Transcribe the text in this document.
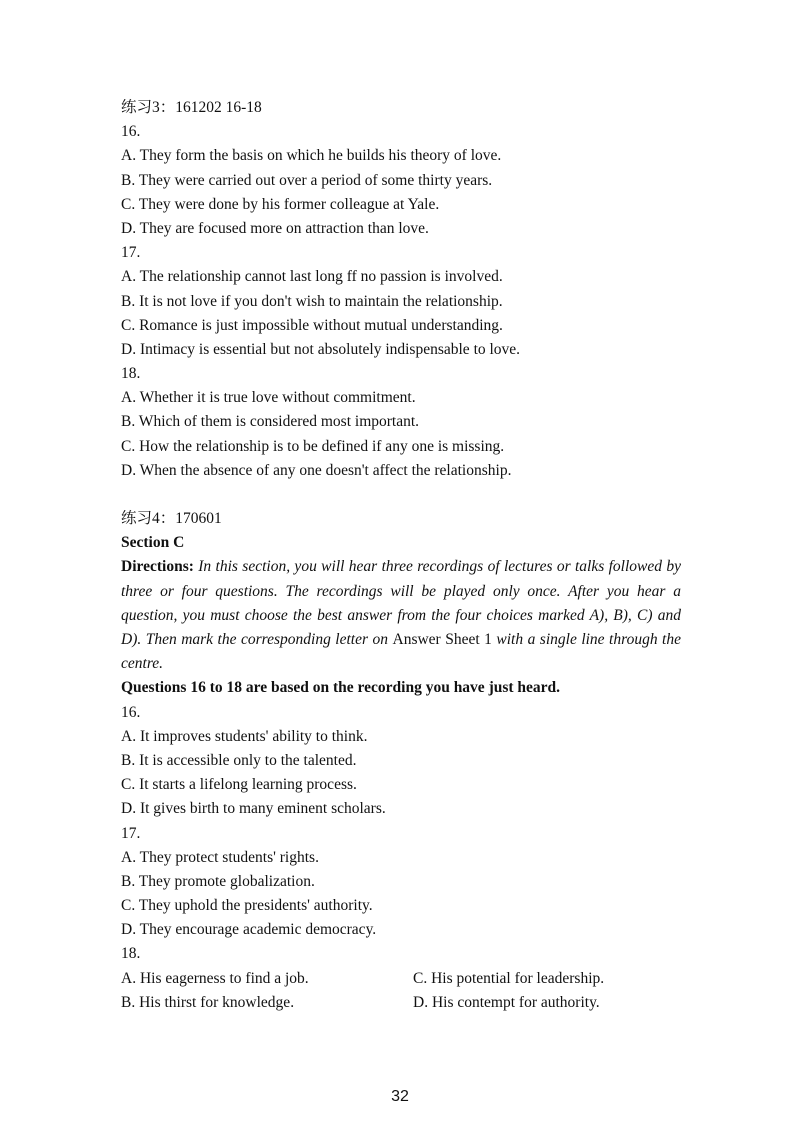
练习3：161202 16-18
16.
A. They form the basis on which he builds his theory of love.
B. They were carried out over a period of some thirty years.
C. They were done by his former colleague at Yale.
D. They are focused more on attraction than love.
17.
A. The relationship cannot last long ff no passion is involved.
B. It is not love if you don't wish to maintain the relationship.
C. Romance is just impossible without mutual understanding.
D. Intimacy is essential but not absolutely indispensable to love.
18.
A. Whether it is true love without commitment.
B. Which of them is considered most important.
C. How the relationship is to be defined if any one is missing.
D. When the absence of any one doesn't affect the relationship.
练习4：170601
Section C
Directions: In this section, you will hear three recordings of lectures or talks followed by three or four questions. The recordings will be played only once. After you hear a question, you must choose the best answer from the four choices marked A), B), C) and D). Then mark the corresponding letter on Answer Sheet 1 with a single line through the centre.
Questions 16 to 18 are based on the recording you have just heard.
16.
A. It improves students' ability to think.
B. It is accessible only to the talented.
C. It starts a lifelong learning process.
D. It gives birth to many eminent scholars.
17.
A. They protect students' rights.
B. They promote globalization.
C. They uphold the presidents' authority.
D. They encourage academic democracy.
18.
A. His eagerness to find a job.	C. His potential for leadership.
B. His thirst for knowledge.	D. His contempt for authority.
32
